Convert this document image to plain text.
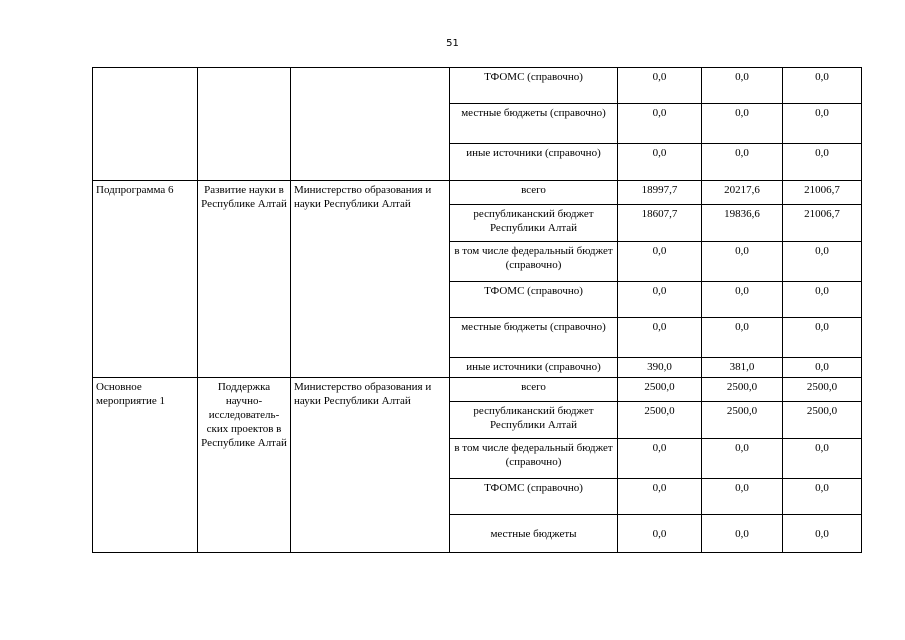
51
			ТФОМС (справочно)	0,0	0,0	0,0
			местные бюджеты (справочно)	0,0	0,0	0,0
			иные источники (справочно)	0,0	0,0	0,0
Подпрограмма 6	Развитие науки в Республике Алтай	Министерство образования и науки Республики Алтай	всего	18997,7	20217,6	21006,7
			республиканский бюджет Республики Алтай	18607,7	19836,6	21006,7
			в том числе федеральный бюджет (справочно)	0,0	0,0	0,0
			ТФОМС (справочно)	0,0	0,0	0,0
			местные бюджеты (справочно)	0,0	0,0	0,0
			иные источники (справочно)	390,0	381,0	0,0
Основное мероприятие 1	Поддержка научно-исследователь-ских проектов в Республике Алтай	Министерство образования и науки Республики Алтай	всего	2500,0	2500,0	2500,0
			республиканский бюджет Республики Алтай	2500,0	2500,0	2500,0
			в том числе федеральный бюджет (справочно)	0,0	0,0	0,0
			ТФОМС (справочно)	0,0	0,0	0,0
			местные бюджеты	0,0	0,0	0,0
